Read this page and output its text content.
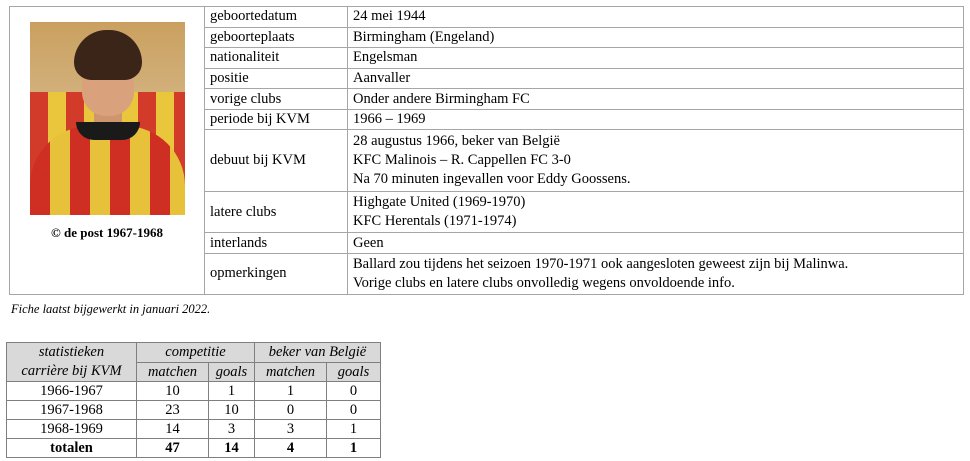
© de post 1967-1968	geboortedatum	24 mei 1944

	geboorteplaats	Birmingham (Engeland)

	nationaliteit	Engelsman

	positie	Aanvaller

	vorige clubs	Onder andere Birmingham FC

	periode bij KVM	1966 – 1969

	debuut bij KVM	28 augustus 1966, beker van België
KFC Malinois – R. Cappellen FC 3-0
Na 70 minuten ingevallen voor Eddy Goossens.

	latere clubs	Highgate United (1969-1970)
KFC Herentals (1971-1974)

	interlands	Geen

	opmerkingen	Ballard zou tijdens het seizoen 1970-1971 ook aangesloten geweest zijn bij Malinwa.
Vorige clubs en latere clubs onvolledig wegens onvoldoende info.
Fiche laatst bijgewerkt in januari 2022.
statistieken
carrière bij KVM	competitie		beker van België	
	matchen	goals	matchen	goals
1966-1967	10	1	1	0
1967-1968	23	10	0	0
1968-1969	14	3	3	1
totalen	47	14	4	1
